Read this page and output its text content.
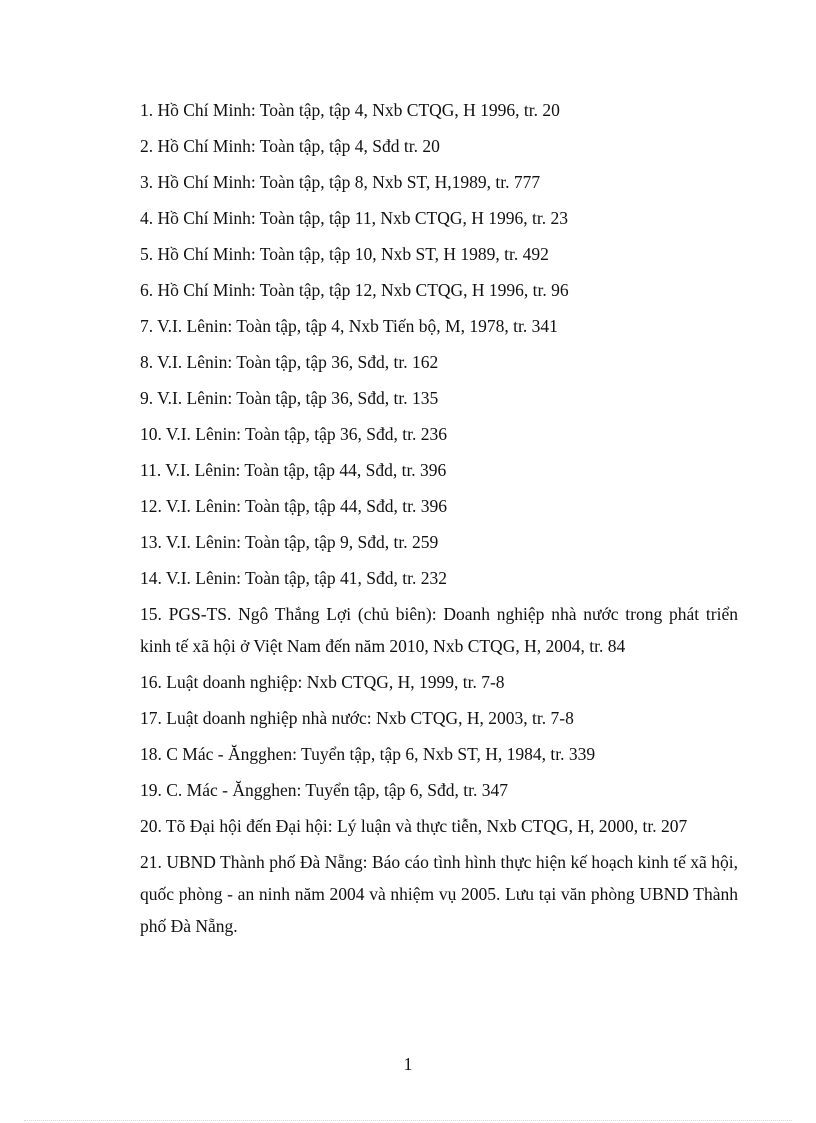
1. Hồ Chí Minh: Toàn tập, tập 4, Nxb CTQG, H 1996, tr. 20
2. Hồ Chí Minh: Toàn tập, tập 4, Sđd tr. 20
3. Hồ Chí Minh: Toàn tập, tập 8, Nxb ST, H,1989, tr. 777
4. Hồ Chí Minh: Toàn tập, tập 11, Nxb CTQG, H 1996, tr. 23
5. Hồ Chí Minh: Toàn tập, tập 10, Nxb ST, H 1989, tr. 492
6. Hồ Chí Minh: Toàn tập, tập 12, Nxb CTQG, H 1996, tr. 96
7. V.I. Lênin: Toàn tập, tập 4, Nxb Tiến bộ, M, 1978, tr. 341
8. V.I. Lênin: Toàn tập, tập 36, Sđd, tr. 162
9. V.I. Lênin: Toàn tập, tập 36, Sđd, tr. 135
10. V.I. Lênin: Toàn tập, tập 36, Sđd, tr. 236
11. V.I. Lênin: Toàn tập, tập 44, Sđd, tr. 396
12. V.I. Lênin: Toàn tập, tập 44, Sđd, tr. 396
13. V.I. Lênin: Toàn tập, tập 9, Sđd, tr. 259
14. V.I. Lênin: Toàn tập, tập 41, Sđd, tr. 232
15. PGS-TS. Ngô Thắng Lợi (chủ biên): Doanh nghiệp nhà nước trong phát triển kinh tế xã hội ở Việt Nam đến năm 2010, Nxb CTQG, H, 2004, tr. 84
16. Luật doanh nghiệp: Nxb CTQG, H, 1999, tr. 7-8
17. Luật doanh nghiệp nhà nước: Nxb CTQG, H, 2003, tr. 7-8
18. C Mác - Ăngghen: Tuyển tập, tập 6, Nxb ST, H, 1984, tr. 339
19. C. Mác - Ăngghen: Tuyển tập, tập 6, Sđd, tr. 347
20. Tõ Đại hội đến Đại hội: Lý luận và thực tiễn, Nxb CTQG, H, 2000, tr. 207
21. UBND Thành phố Đà Nẵng: Báo cáo tình hình thực hiện kế hoạch kinh tế xã hội, quốc phòng - an ninh năm 2004 và nhiệm vụ 2005. Lưu tại văn phòng UBND Thành phố Đà Nẵng.
1
